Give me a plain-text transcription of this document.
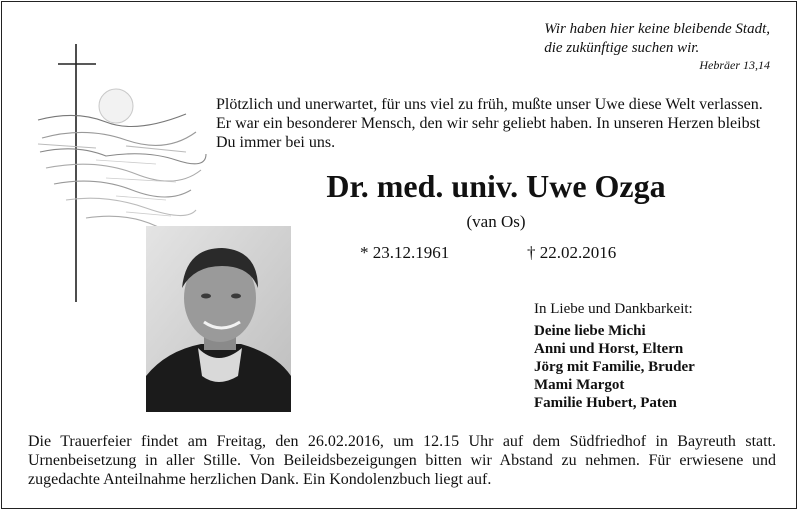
Wir haben hier keine bleibende Stadt,
die zukünftige suchen wir.
Hebräer 13,14
Plötzlich und unerwartet, für uns viel zu früh, mußte unser Uwe diese Welt verlassen.
Er war ein besonderer Mensch, den wir sehr geliebt haben. In unseren Herzen bleibst
Du immer bei uns.
Dr. med. univ. Uwe Ozga
(van Os)
* 23.12.1961	† 22.02.2016
In Liebe und Dankbarkeit:
Deine liebe Michi
Anni und Horst, Eltern
Jörg mit Familie, Bruder
Mami Margot
Familie Hubert, Paten
Die Trauerfeier findet am Freitag, den 26.02.2016, um 12.15 Uhr auf dem Südfriedhof in Bayreuth statt. Urnenbeisetzung in aller Stille. Von Beileidsbezeigungen bitten wir Abstand zu nehmen. Für erwiesene und zugedachte Anteilnahme herzlichen Dank. Ein Kondolenzbuch liegt auf.
